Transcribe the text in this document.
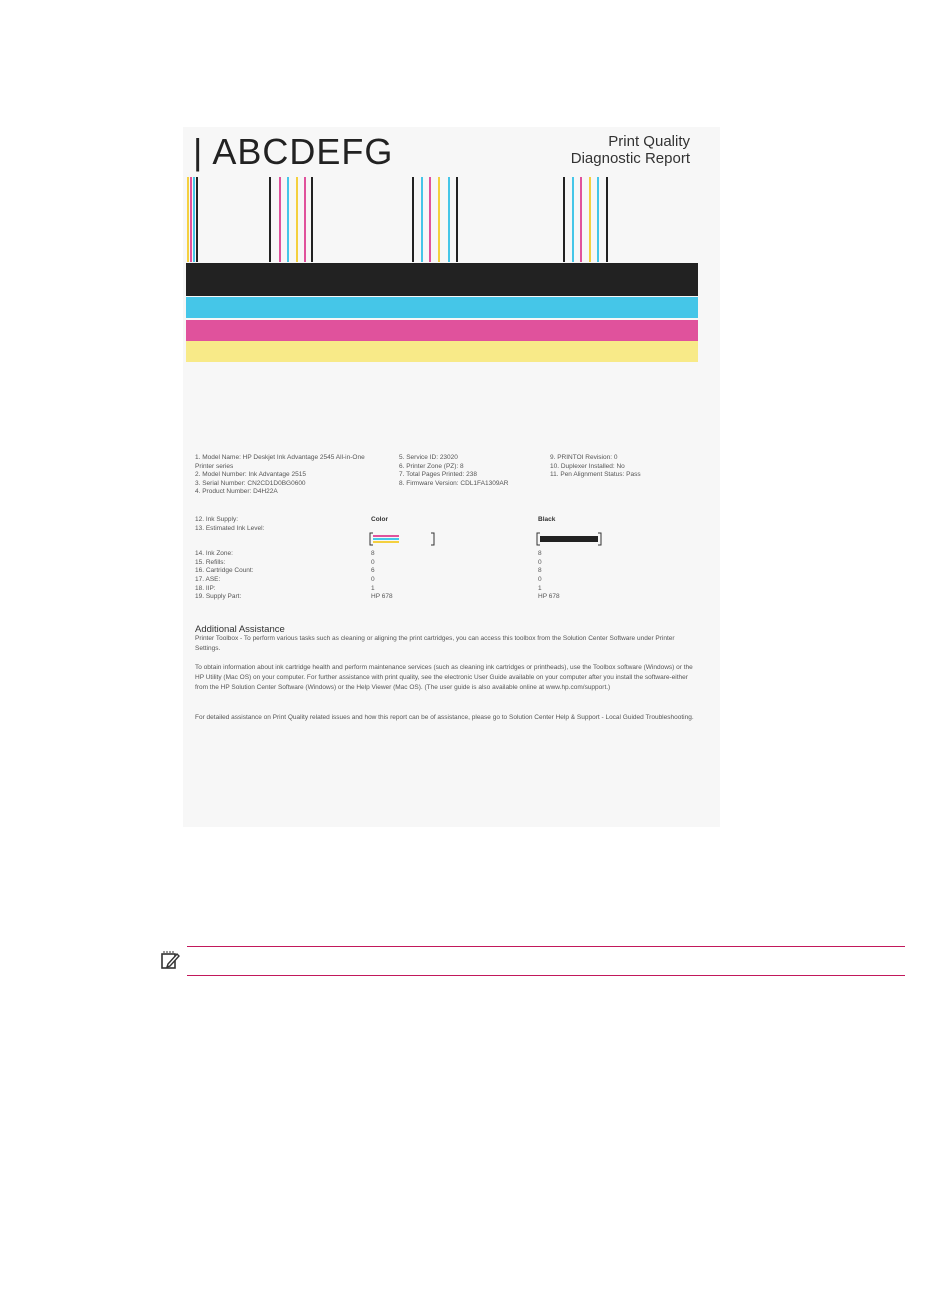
| ABCDEFG	Print Quality
Diagnostic Report
1. Model Name: HP Deskjet Ink Advantage 2545 All-in-One
Printer series
2. Model Number: Ink Advantage 2515
3. Serial Number: CN2CD1D0BG0600
4. Product Number: D4H22A
5. Service ID: 23020
6. Printer Zone (PZ): 8
7. Total Pages Printed: 238
8. Firmware Version: CDL1FA1309AR
9. PRINTOI Revision: 0
10. Duplexer Installed: No
11. Pen Alignment Status: Pass
12. Ink Supply:
13. Estimated Ink Level:
14. Ink Zone:
15. Refills:
16. Cartridge Count:
17. ASE:
18. IIP:
19. Supply Part:
Color
8
0
6
0
1
HP 678
Black
8
0
8
0
1
HP 678
Additional Assistance
Printer Toolbox - To perform various tasks such as cleaning or aligning the print cartridges, you can access this toolbox from the Solution Center Software under Printer Settings.
To obtain information about ink cartridge health and perform maintenance services (such as cleaning ink cartridges or printheads), use the Toolbox software (Windows) or the HP Utility (Mac OS) on your computer. For further assistance with print quality, see the electronic User Guide available on your computer after you install the software-either from the HP Solution Center Software (Windows) or the Help Viewer (Mac OS). (The user guide is also available online at www.hp.com/support.)
For detailed assistance on Print Quality related issues and how this report can be of assistance, please go to Solution Center Help & Support - Local Guided Troubleshooting.
